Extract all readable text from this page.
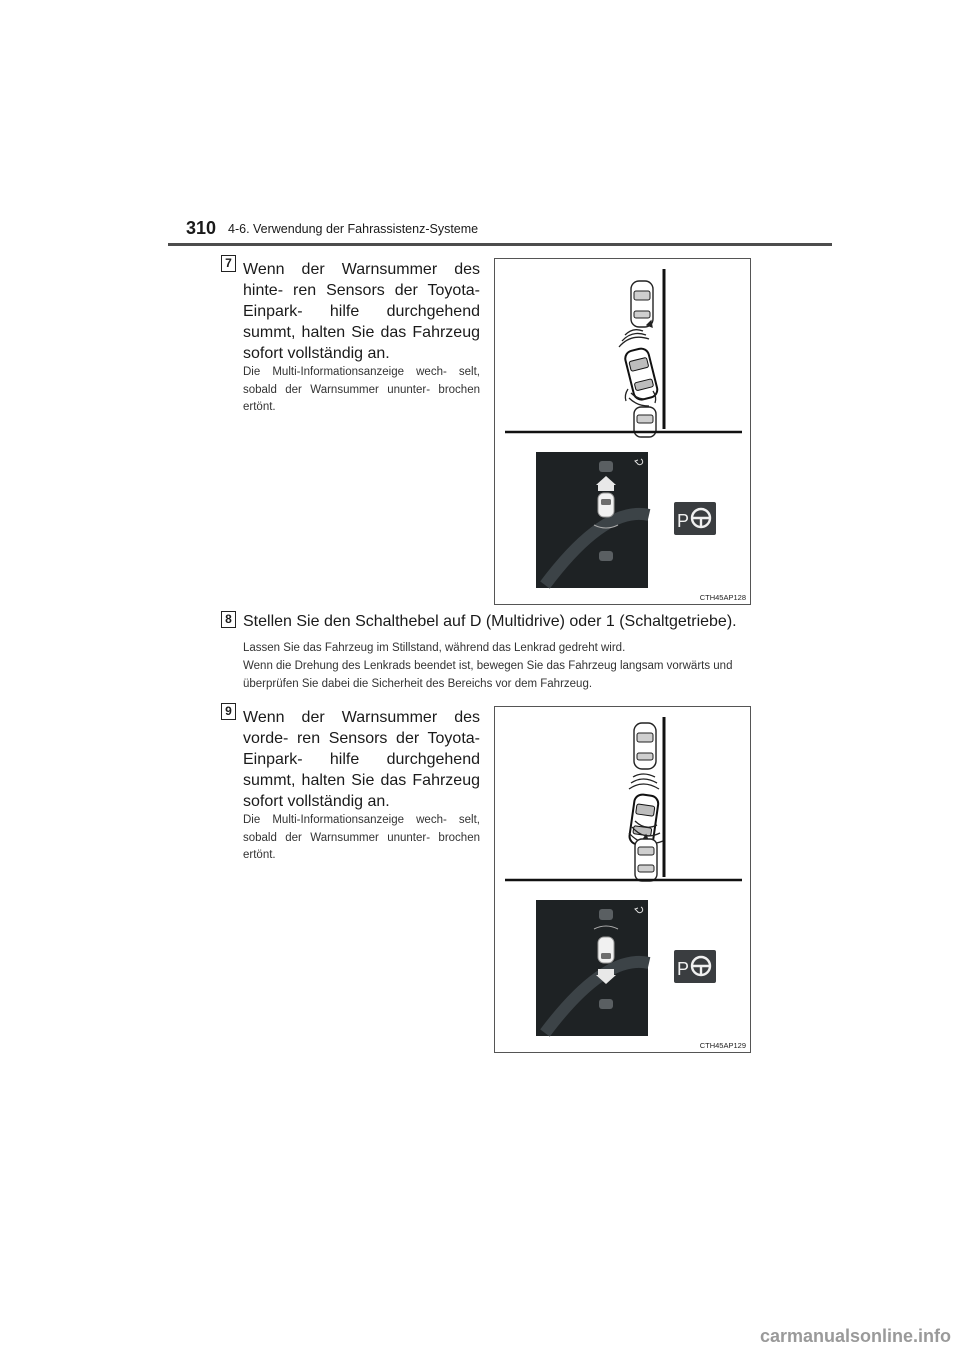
310 4-6. Verwendung der Fahrassistenz-Systeme
7 Wenn der Warnsummer des hinte- ren Sensors der Toyota-Einpark- hilfe durchgehend summt, halten Sie das Fahrzeug sofort vollständig an.
Die Multi-Informationsanzeige wech- selt, sobald der Warnsummer ununter- brochen ertönt.
P
CTH45AP128
8 Stellen Sie den Schalthebel auf D (Multidrive) oder 1 (Schaltgetriebe).
Lassen Sie das Fahrzeug im Stillstand, während das Lenkrad gedreht wird.
Wenn die Drehung des Lenkrads beendet ist, bewegen Sie das Fahrzeug langsam vorwärts und überprüfen Sie dabei die Sicherheit des Bereichs vor dem Fahrzeug.
9 Wenn der Warnsummer des vorde- ren Sensors der Toyota-Einpark- hilfe durchgehend summt, halten Sie das Fahrzeug sofort vollständig an.
Die Multi-Informationsanzeige wech- selt, sobald der Warnsummer ununter- brochen ertönt.
P
CTH45AP129
carmanualsonline.info
